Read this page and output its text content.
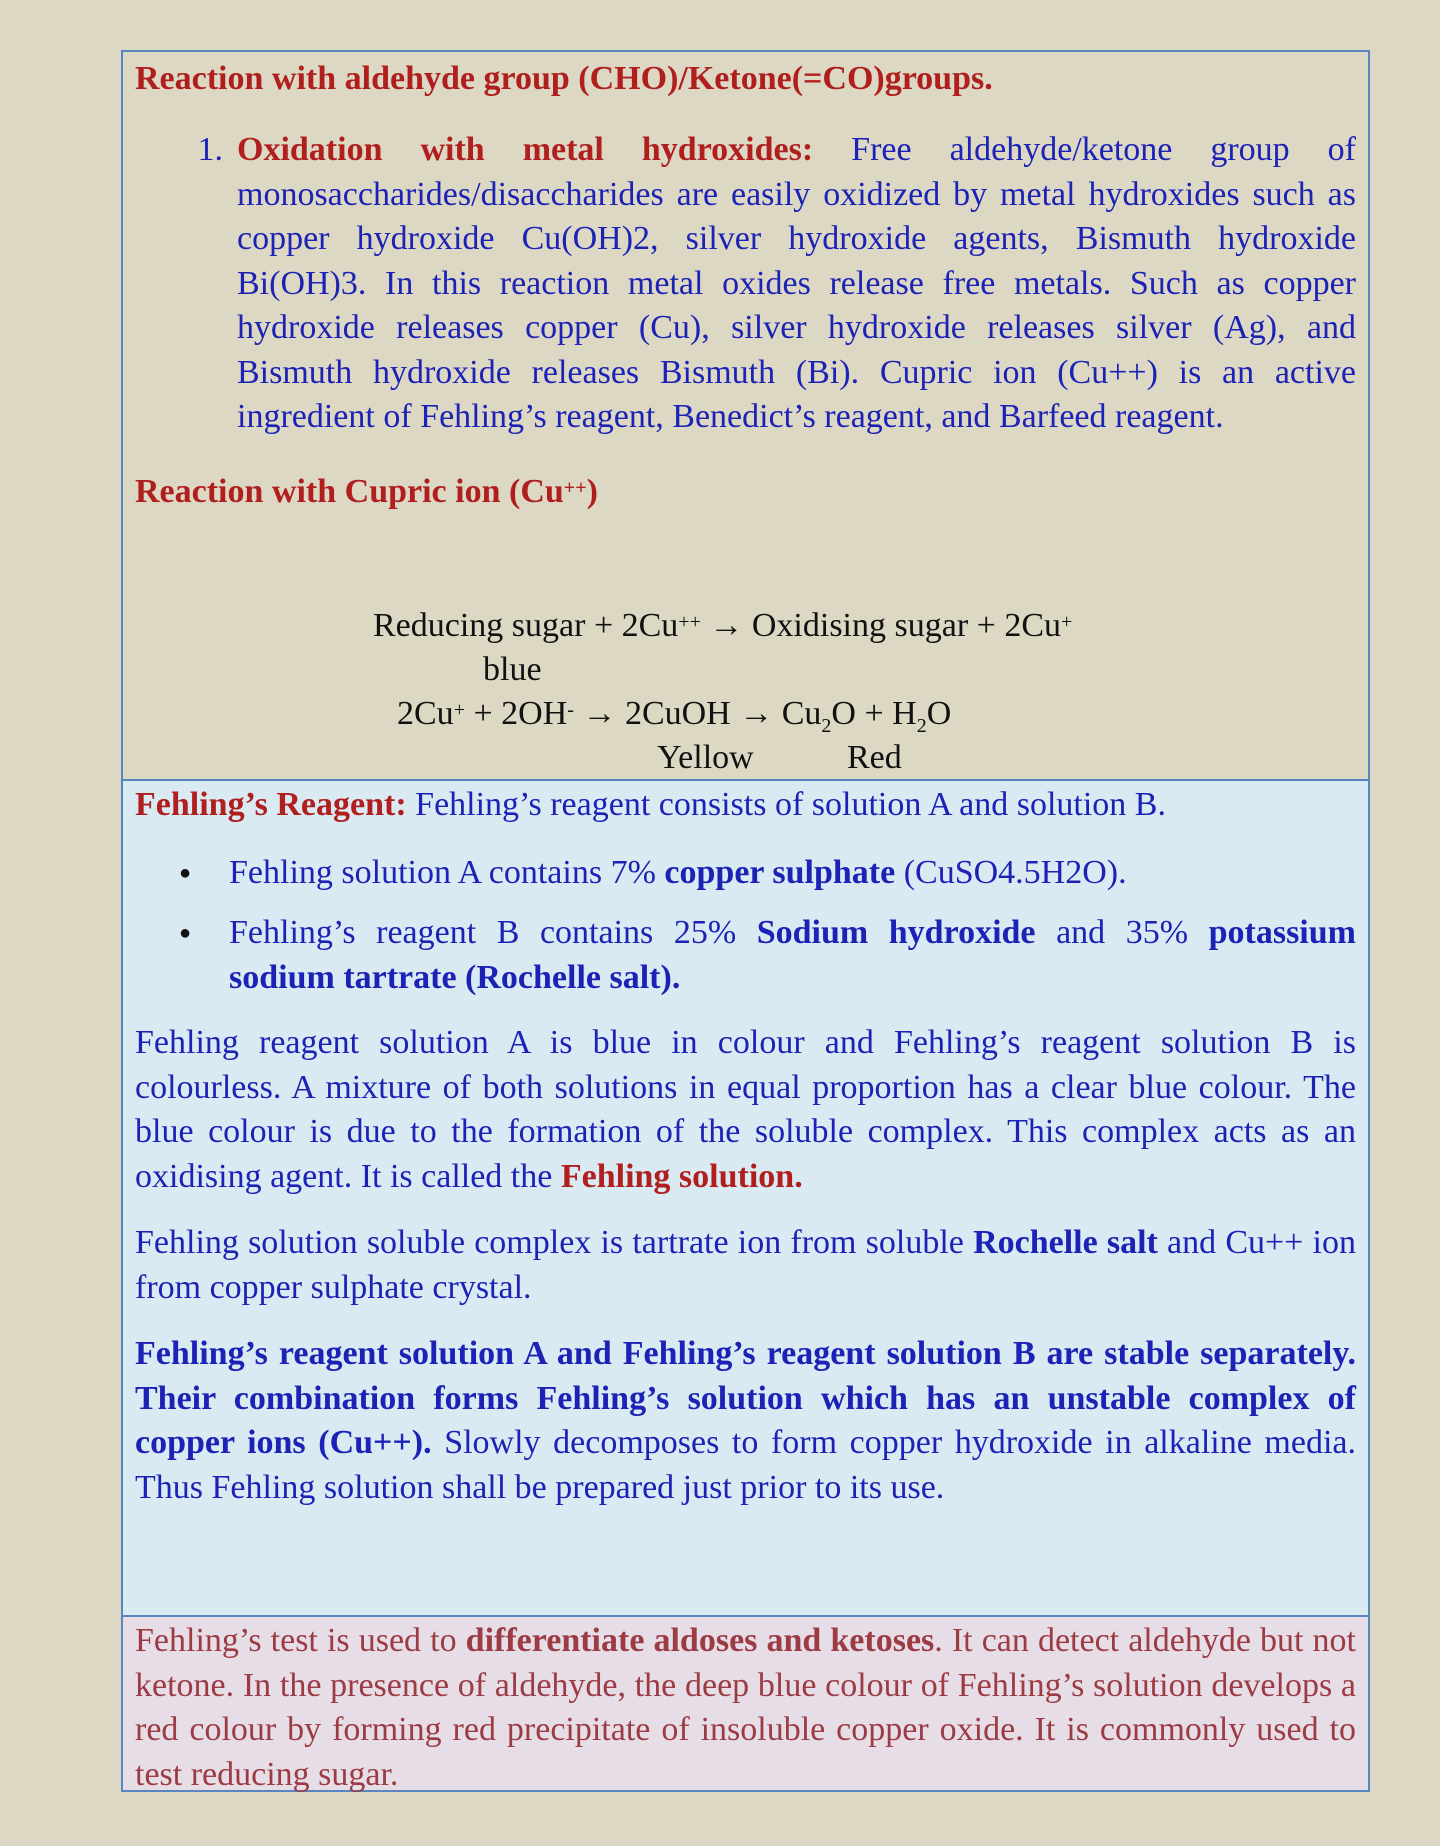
Reaction with aldehyde group (CHO)/Ketone(=CO)groups.
1. Oxidation with metal hydroxides: Free aldehyde/ketone group of monosaccharides/disaccharides are easily oxidized by metal hydroxides such as copper hydroxide Cu(OH)2, silver hydroxide agents, Bismuth hydroxide Bi(OH)3. In this reaction metal oxides release free metals. Such as copper hydroxide releases copper (Cu), silver hydroxide releases silver (Ag), and Bismuth hydroxide releases Bismuth (Bi). Cupric ion (Cu++) is an active ingredient of Fehling’s reagent, Benedict’s reagent, and Barfeed reagent.
Reaction with Cupric ion (Cu++)
Reducing sugar + 2Cu++ → Oxidising sugar + 2Cu+
blue
2Cu+ + 2OH- → 2CuOH → $Cu_2O + H_2O$
Yellow	Red

Fehling’s Reagent: Fehling’s reagent consists of solution A and solution B.

●	Fehling solution A contains 7% copper sulphate (CuSO4.5H2O).
●	Fehling’s reagent B contains 25% Sodium hydroxide and 35% potassium sodium tartrate (Rochelle salt).

Fehling reagent solution A is blue in colour and Fehling’s reagent solution B is colourless. A mixture of both solutions in equal proportion has a clear blue colour. The blue colour is due to the formation of the soluble complex. This complex acts as an oxidising agent. It is called the Fehling solution.

Fehling solution soluble complex is tartrate ion from soluble Rochelle salt and Cu++ ion from copper sulphate crystal.

Fehling’s reagent solution A and Fehling’s reagent solution B are stable separately. Their combination forms Fehling’s solution which has an unstable complex of copper ions (Cu++). Slowly decomposes to form copper hydroxide in alkaline media. Thus Fehling solution shall be prepared just prior to its use.

Fehling’s test is used to differentiate aldoses and ketoses. It can detect aldehyde but not ketone. In the presence of aldehyde, the deep blue colour of Fehling’s solution develops a red colour by forming red precipitate of insoluble copper oxide. It is commonly used to test reducing sugar.
